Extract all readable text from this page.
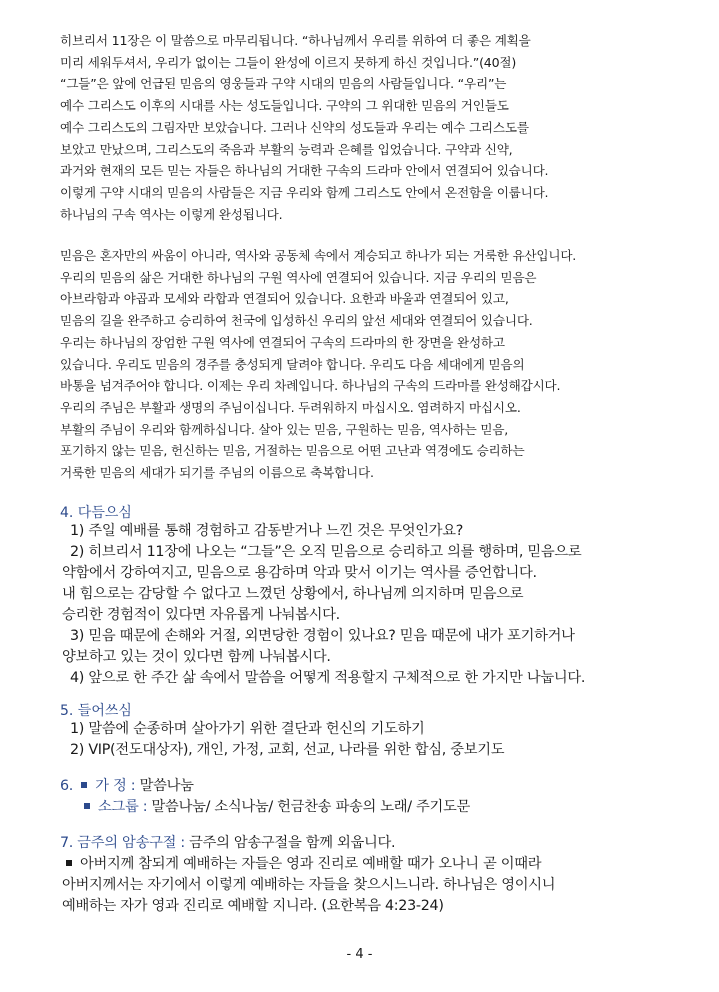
히브리서 11장은 이 말씀으로 마무리됩니다. “하나님께서 우리를 위하여 더 좋은 계획을
미리 세워두셔서, 우리가 없이는 그들이 완성에 이르지 못하게 하신 것입니다.”(40절)
“그들”은 앞에 언급된 믿음의 영웅들과 구약 시대의 믿음의 사람들입니다. “우리”는
예수 그리스도 이후의 시대를 사는 성도들입니다. 구약의 그 위대한 믿음의 거인들도
예수 그리스도의 그림자만 보았습니다. 그러나 신약의 성도들과 우리는 예수 그리스도를
보았고 만났으며, 그리스도의 죽음과 부활의 능력과 은혜를 입었습니다. 구약과 신약,
과거와 현재의 모든 믿는 자들은 하나님의 거대한 구속의 드라마 안에서 연결되어 있습니다.
이렇게 구약 시대의 믿음의 사람들은 지금 우리와 함께 그리스도 안에서 온전함을 이룹니다.
하나님의 구속 역사는 이렇게 완성됩니다.
믿음은 혼자만의 싸움이 아니라, 역사와 공동체 속에서 계승되고 하나가 되는 거룩한 유산입니다.
우리의 믿음의 삶은 거대한 하나님의 구원 역사에 연결되어 있습니다. 지금 우리의 믿음은
아브라함과 야곱과 모세와 라합과 연결되어 있습니다. 요한과 바울과 연결되어 있고,
믿음의 길을 완주하고 승리하여 천국에 입성하신 우리의 앞선 세대와 연결되어 있습니다.
우리는 하나님의 장엄한 구원 역사에 연결되어 구속의 드라마의 한 장면을 완성하고
있습니다. 우리도 믿음의 경주를 충성되게 달려야 합니다. 우리도 다음 세대에게 믿음의
바통을 넘겨주어야 합니다. 이제는 우리 차례입니다. 하나님의 구속의 드라마를 완성해갑시다.
우리의 주님은 부활과 생명의 주님이십니다. 두려워하지 마십시오. 염려하지 마십시오.
부활의 주님이 우리와 함께하십니다. 살아 있는 믿음, 구원하는 믿음, 역사하는 믿음,
포기하지 않는 믿음, 헌신하는 믿음, 거절하는 믿음으로 어떤 고난과 역경에도 승리하는
거룩한 믿음의 세대가 되기를 주님의 이름으로 축복합니다.
4. 다듬으심
1) 주일 예배를 통해 경험하고 감동받거나 느낀 것은 무엇인가요?
2) 히브리서 11장에 나오는 “그들”은 오직 믿음으로 승리하고 의를 행하며, 믿음으로
약함에서 강하여지고, 믿음으로 용감하며 악과 맞서 이기는 역사를 증언합니다.
내 힘으로는 감당할 수 없다고 느꼈던 상황에서, 하나님께 의지하며 믿음으로
승리한 경험적이 있다면 자유롭게 나눠봅시다.
3) 믿음 때문에 손해와 거절, 외면당한 경험이 있나요? 믿음 때문에 내가 포기하거나
양보하고 있는 것이 있다면 함께 나눠봅시다.
4) 앞으로 한 주간 삶 속에서 말씀을 어떻게 적용할지 구체적으로 한 가지만 나눕니다.
5. 들어쓰심
1) 말씀에 순종하며 살아가기 위한 결단과 헌신의 기도하기
2) VIP(전도대상자), 개인, 가정, 교회, 선교, 나라를 위한 합심, 중보기도
6. 가 정 : 말씀나눔
소그룹 : 말씀나눔/ 소식나눔/ 헌금찬송 파송의 노래/ 주기도문
7. 금주의 암송구절 : 금주의 암송구절을 함께 외웁니다.
아버지께 참되게 예배하는 자들은 영과 진리로 예배할 때가 오나니 곧 이때라
아버지께서는 자기에서 이렇게 예배하는 자들을 찾으시느니라. 하나님은 영이시니
예배하는 자가 영과 진리로 예배할 지니라. (요한복음 4:23-24)
- 4 -
